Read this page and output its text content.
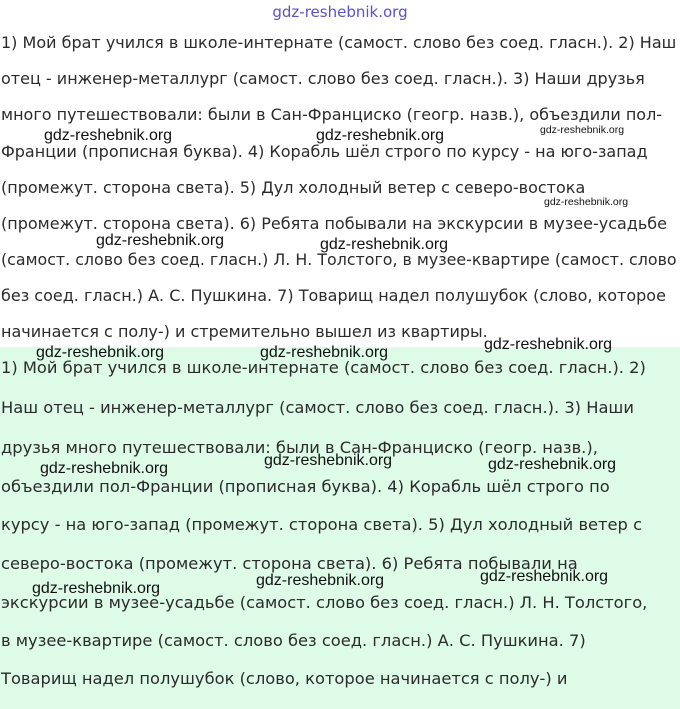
gdz-reshebnik.org
1) Мой брат учился в школе-интернате (самост. слово без соед. гласн.). 2) Наш
отец - инженер-металлург (самост. слово без соед. гласн.). 3) Наши друзья
много путешествовали: были в Сан-Франциско (геогр. назв.), объездили пол-
Франции (прописная буква). 4) Корабль шёл строго по курсу - на юго-запад
(промежут. сторона света). 5) Дул холодный ветер с северо-востока
(промежут. сторона света). 6) Ребята побывали на экскурсии в музее-усадьбе
(самост. слово без соед. гласн.) Л. Н. Толстого, в музее-квартире (самост. слово
без соед. гласн.) А. С. Пушкина. 7) Товарищ надел полушубок (слово, которое
начинается с полу-) и стремительно вышел из квартиры.
1) Мой брат учился в школе-интернате (самост. слово без соед. гласн.). 2)
Наш отец - инженер-металлург (самост. слово без соед. гласн.). 3) Наши
друзья много путешествовали: были в Сан-Франциско (геогр. назв.),
объездили пол-Франции (прописная буква). 4) Корабль шёл строго по
курсу - на юго-запад (промежут. сторона света). 5) Дул холодный ветер с
северо-востока (промежут. сторона света). 6) Ребята побывали на
экскурсии в музее-усадьбе (самост. слово без соед. гласн.) Л. Н. Толстого,
в музее-квартире (самост. слово без соед. гласн.) А. С. Пушкина. 7)
Товарищ надел полушубок (слово, которое начинается с полу-) и
gdz-reshebnik.org	gdz-reshebnik.org	gdz-reshebnik.org
gdz-reshebnik.org
gdz-reshebnik.org	gdz-reshebnik.org
gdz-reshebnik.org
gdz-reshebnik.org	gdz-reshebnik.org
gdz-reshebnik.org
gdz-reshebnik.org	gdz-reshebnik.org
gdz-reshebnik.org
gdz-reshebnik.org
gdz-reshebnik.org
